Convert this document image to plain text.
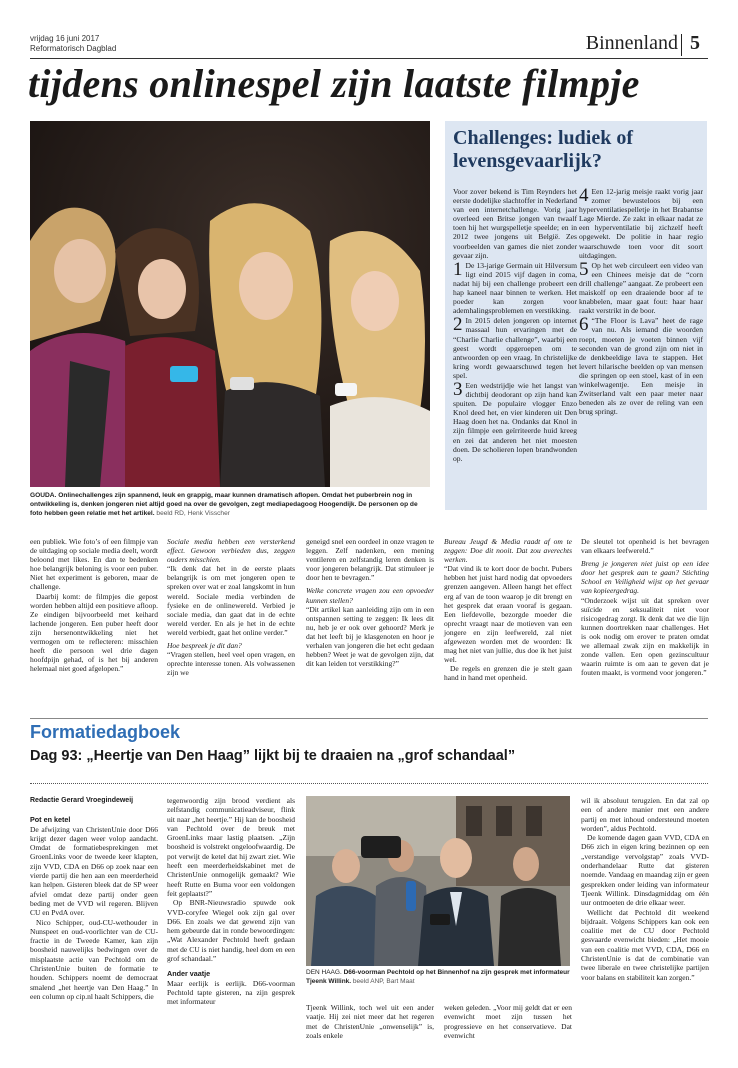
vrijdag 16 juni 2017
Reformatorisch Dagblad	Binnenland 5
tijdens onlinespel zijn laatste filmpje
GOUDA. Onlinechallenges zijn spannend, leuk en grappig, maar kunnen dramatisch aflopen. Omdat het puberbrein nog in ontwikkeling is, denken jongeren niet altijd goed na over de gevolgen, zegt mediapedagoog Hoogendijk. De personen op de foto hebben geen relatie met het artikel. beeld RD, Henk Visscher
Challenges: ludiek of levensgevaarlijk?

Voor zover bekend is Tim Reynders het eerste dodelijke slachtoffer in Nederland van een internetchallenge. Vorig jaar overleed een Britse jongen van twaalf toen hij het wurgspelletje speelde; en in 2012 twee jongens uit België. Zes voorbeelden van games die niet zonder gevaar zijn.

1 De 13-jarige Germain uit Hilversum ligt eind 2015 vijf dagen in coma, nadat hij bij een challenge probeert een hap kaneel naar binnen te werken. Het poeder kan zorgen voor ademhalingsproblemen en verstikking.

2 In 2015 delen jongeren op internet massaal hun ervaringen met de “Charlie Charlie challenge”, waarbij een geest wordt opgeroepen om te antwoorden op een vraag. In christelijke kring wordt gewaarschuwd tegen het spel.

3 Een wedstrijdje wie het langst van dichtbij deodorant op zijn hand kan spuiten. De populaire vlogger Enzo Knol deed het, en vier kinderen uit Den Haag doen het na. Ondanks dat Knol in zijn filmpje een geïrriteerde huid kreeg en zei dat anderen het niet moesten doen. De scholieren lopen brandwonden op.

4 Een 12-jarig meisje raakt vorig jaar zomer bewusteloos bij een hyperventilatiespelletje in het Brabantse Lage Mierde. Ze zakt in elkaar nadat ze een hyperventilatie bij zichzelf heeft opgewekt. De politie in haar regio waarschuwde toen voor dit soort uitdagingen.

5 Op het web circuleert een video van een Chinees meisje dat de “corn drill challenge” aangaat. Ze probeert een maiskolf op een draaiende boor af te knabbelen, maar gaat fout: haar haar raakt verstrikt in de boor.

6 “The Floor is Lava” heet de rage van nu. Als iemand die woorden roept, moeten je voeten binnen vijf seconden van de grond zijn om niet in de denkbeeldige lava te stappen. Het levert hilarische beelden op van mensen die springen op een stoel, kast of in een winkelwagentje. Een meisje in Zwitserland valt een paar meter naar beneden als ze over de reling van een brug springt.

een publiek. Wie foto’s of een filmpje van de uitdaging op sociale media deelt, wordt beloond met likes. En dan te bedenken hoe belangrijk beloning is voor een puber. Niet het experiment is geboren, maar de challenge.

Daarbij komt: de filmpjes die gepost worden hebben altijd een positieve afloop. Ze eindigen bijvoorbeeld met keihard lachende jongeren. Een puber heeft door zijn hersenontwikkeling niet het vermogen om te reflecteren: misschien heeft die persoon wel drie dagen hoofdpijn gehad, of is het bij anderen helemaal niet goed afgelopen.”

Sociale media hebben een versterkend effect. Gewoon verbieden dus, zeggen ouders misschien.

“Ik denk dat het in de eerste plaats belangrijk is om met jongeren open te spreken over wat er zoal langskomt in hun wereld. Sociale media verbinden de fysieke en de onlinewereld. Verbied je sociale media, dan gaat dat in de echte wereld verder. En als je het in de echte wereld verbiedt, gaat het online verder.”

Hoe bespreek je dit dan?

“Vragen stellen, heel veel open vragen, en oprechte interesse tonen. Als volwassenen zijn we

geneigd snel een oordeel in onze vragen te leggen. Zelf nadenken, een mening ventileren en zelfstandig leren denken is voor jongeren belangrijk. Dat stimuleer je door hen te bevragen.”

Welke concrete vragen zou een opvoeder kunnen stellen?

“Dit artikel kan aanleiding zijn om in een ontspannen setting te zeggen: Ik lees dit nu, heb je er ook over gehoord? Merk je dat het leeft bij je klasgenoten en hoor je verhalen van jongeren die het echt gedaan hebben? Weet je wat de gevolgen zijn, dat dit kan leiden tot verstikking?”

Bureau Jeugd & Media raadt af om te zeggen: Doe dit nooit. Dat zou averechts werken.

“Dat vind ik te kort door de bocht. Pubers hebben het juist hard nodig dat opvoeders grenzen aangeven. Alleen hangt het effect erg af van de toon waarop je dit brengt en het gesprek dat eraan vooraf is gegaan. Een liefdevolle, bezorgde moeder die oprecht vraagt naar de motieven van een jongere en zijn leefwereld, zal niet afgewezen worden met de woorden: Ik mag het niet van jullie, dus doe ik het juist wel.

De regels en grenzen die je stelt gaan hand in hand met openheid.

De sleutel tot openheid is het bevragen van elkaars leefwereld.”

Breng je jongeren niet juist op een idee door het gesprek aan te gaan? Stichting School en Veiligheid wijst op het gevaar van kopieergedrag.

“Onderzoek wijst uit dat spreken over suïcide en seksualiteit niet voor risicogedrag zorgt. Ik denk dat we die lijn kunnen doortrekken naar challenges. Het is ook nodig om erover te praten omdat we allemaal zwak zijn en makkelijk in zonde vallen. Een open gezinscultuur waarin ruimte is om aan te geven dat je fouten maakt, is vormend voor jongeren.”

Formatiedagboek
Dag 93: „Heertje van Den Haag” lijkt bij te draaien na „grof schandaal”

Redactie Gerard Vroegindeweij

Pot en ketel

De afwijzing van ChristenUnie door D66 krijgt dezer dagen weer volop aandacht. Omdat de formatiebesprekingen met GroenLinks voor de tweede keer klapten, zijn VVD, CDA en D66 op zoek naar een vierde partij die hen aan een meerderheid kan helpen. Gisteren bleek dat de SP weer afviel omdat deze partij onder geen beding met de VVD wil regeren. Blijven CU en PvdA over.

Nico Schipper, oud-CU-wethouder in Nunspeet en oud-voorlichter van de CU-fractie in de Tweede Kamer, kan zijn boosheid nauwelijks bedwingen over de misplaatste actie van Pechtold om de ChristenUnie buiten de formatie te houden. Schippers noemt de democraat smalend „het heertje van Den Haag.” In een column op cip.nl haalt Schippers, die

tegenwoordig zijn brood verdient als zelfstandig communicatieadviseur, flink uit naar „het heertje.” Hij kan de boosheid van Pechtold over de breuk met GroenLinks maar lastig plaatsen. „Zijn boosheid is volstrekt ongeloofwaardig. De pot verwijt de ketel dat hij zwart ziet. Wie heeft een meerderheidskabinet met de ChristenUnie onmogelijk gemaakt? Wie heeft Rutte en Buma voor een voldongen feit geplaatst?”

Op BNR-Nieuwsradio spuwde ook VVD-coryfee Wiegel ook zijn gal over D66. En zoals we dat gewend zijn van hem gebeurde dat in ronde bewoordingen: „Wat Alexander Pechtold heeft gedaan met de CU is niet handig, heel dom en een grof schandaal.”

Ander vaatje

Maar eerlijk is eerlijk. D66-voorman Pechtold tapte gisteren, na zijn gesprek met informateur

DEN HAAG. D66-voorman Pechtold op het Binnenhof na zijn gesprek met informateur Tjeenk Willink. beeld ANP, Bart Maat

Tjeenk Willink, toch wel uit een ander vaatje. Hij zei niet meer dat het regeren met de ChristenUnie „onwenselijk” is, zoals enkele

weken geleden. „Voor mij geldt dat er een evenwicht moet zijn tussen het progressieve en het conservatieve. Dat evenwicht

wil ik absoluut terugzien. En dat zal op een of andere manier met een andere partij en met inhoud ondersteund moeten worden”, aldus Pechtold.

De komende dagen gaan VVD, CDA en D66 zich in eigen kring bezinnen op een „verstandige vervolgstap” zoals VVD-onderhandelaar Rutte dat gisteren noemde. Vandaag en maandag zijn er geen gesprekken onder leiding van informateur Tjeenk Willink. Dinsdagmiddag om één uur ontmoeten de drie elkaar weer.

Wellicht dat Pechtold dit weekend bijdraait. Volgens Schippers kan ook een coalitie met de CU door Pechtold gesvaarde evenwicht bieden: „Het mooie van een coalitie met VVD, CDA, D66 en ChristenUnie is dat de combinatie van twee liberale en twee christelijke partijen voor balans en stabiliteit kan zorgen.”
